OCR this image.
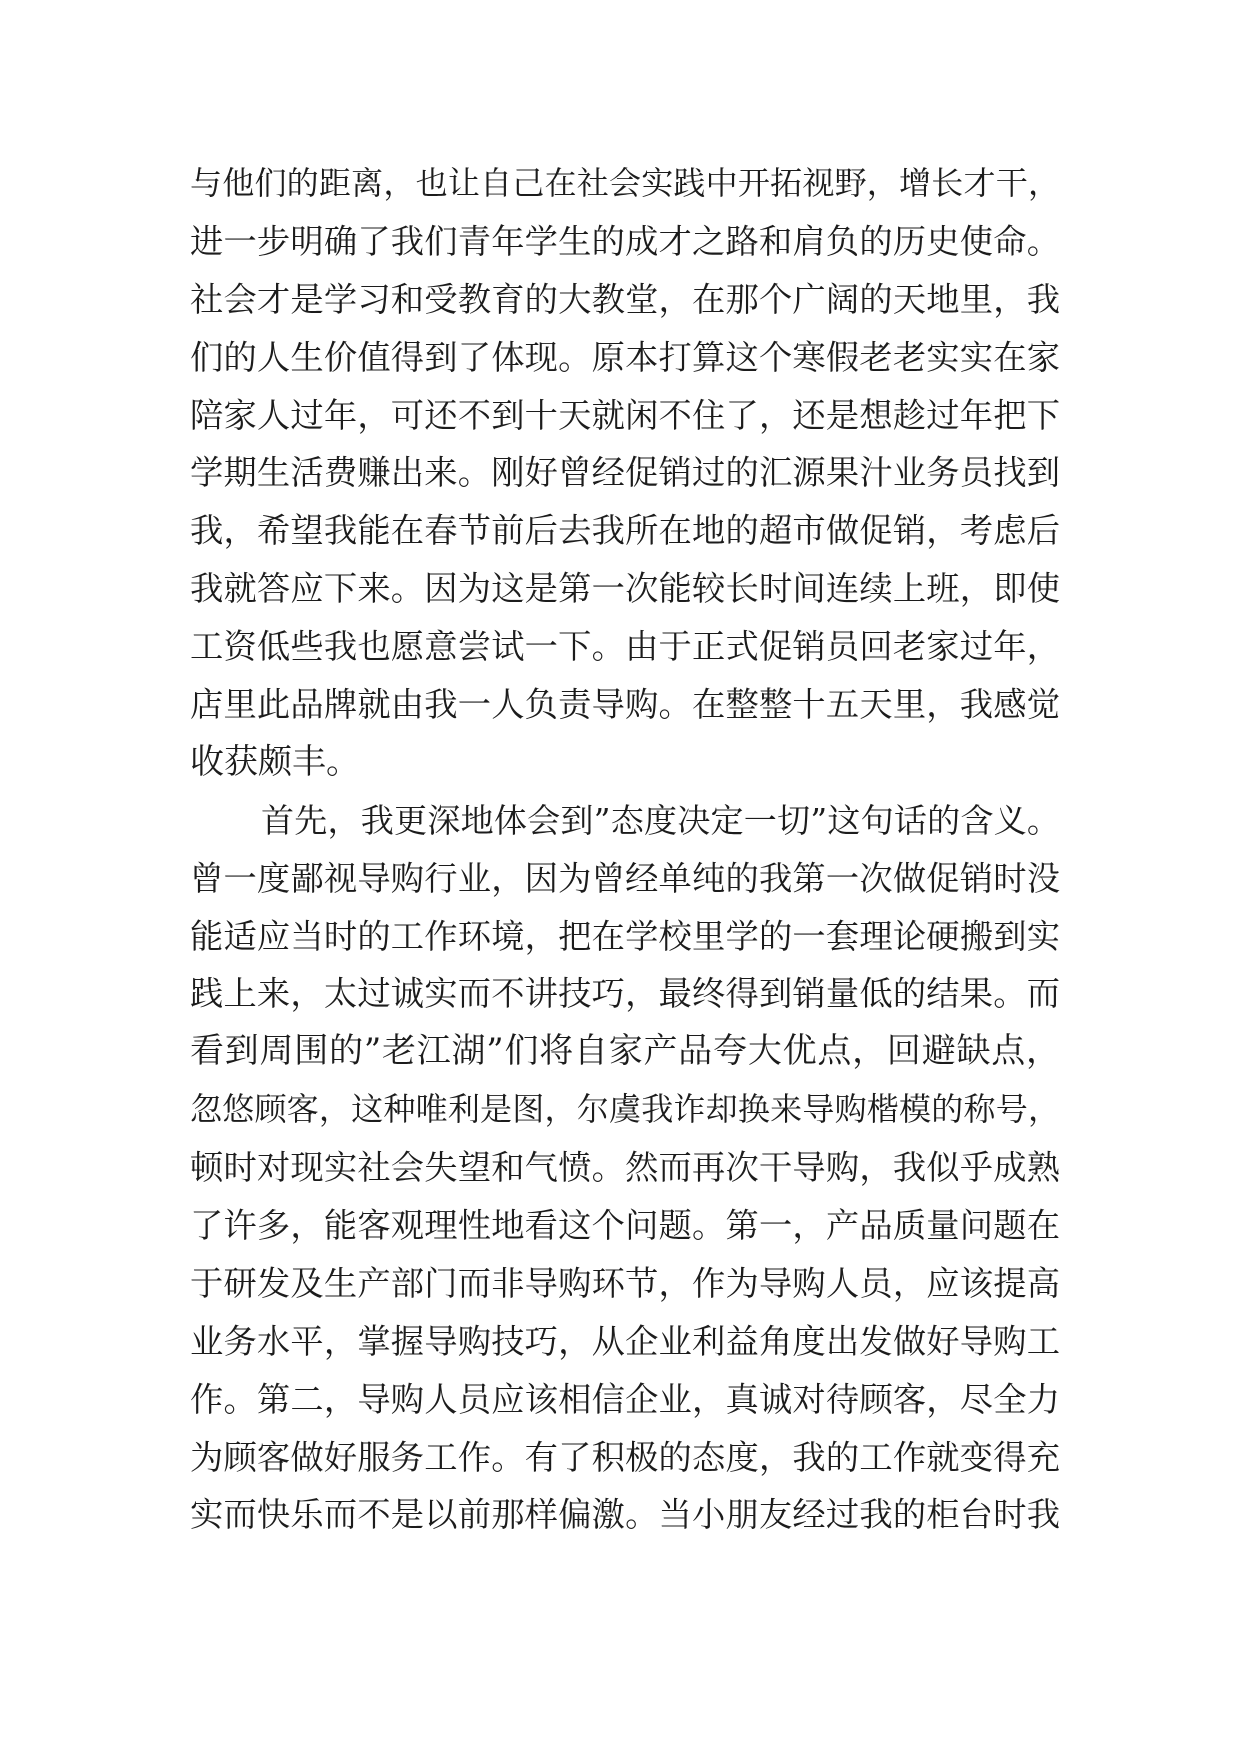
与他们的距离，也让自己在社会实践中开拓视野，增长才干，
进一步明确了我们青年学生的成才之路和肩负的历史使命。
社会才是学习和受教育的大教堂，在那个广阔的天地里，我
们的人生价值得到了体现。原本打算这个寒假老老实实在家
陪家人过年，可还不到十天就闲不住了，还是想趁过年把下
学期生活费赚出来。刚好曾经促销过的汇源果汁业务员找到
我，希望我能在春节前后去我所在地的超市做促销，考虑后
我就答应下来。因为这是第一次能较长时间连续上班，即使
工资低些我也愿意尝试一下。由于正式促销员回老家过年，
店里此品牌就由我一人负责导购。在整整十五天里，我感觉
收获颇丰。
首先，我更深地体会到”态度决定一切”这句话的含义。
曾一度鄙视导购行业，因为曾经单纯的我第一次做促销时没
能适应当时的工作环境，把在学校里学的一套理论硬搬到实
践上来，太过诚实而不讲技巧，最终得到销量低的结果。而
看到周围的”老江湖”们将自家产品夸大优点，回避缺点，
忽悠顾客，这种唯利是图，尔虞我诈却换来导购楷模的称号，
顿时对现实社会失望和气愤。然而再次干导购，我似乎成熟
了许多，能客观理性地看这个问题。第一，产品质量问题在
于研发及生产部门而非导购环节，作为导购人员，应该提高
业务水平，掌握导购技巧，从企业利益角度出发做好导购工
作。第二，导购人员应该相信企业，真诚对待顾客，尽全力
为顾客做好服务工作。有了积极的态度，我的工作就变得充
实而快乐而不是以前那样偏激。当小朋友经过我的柜台时我
